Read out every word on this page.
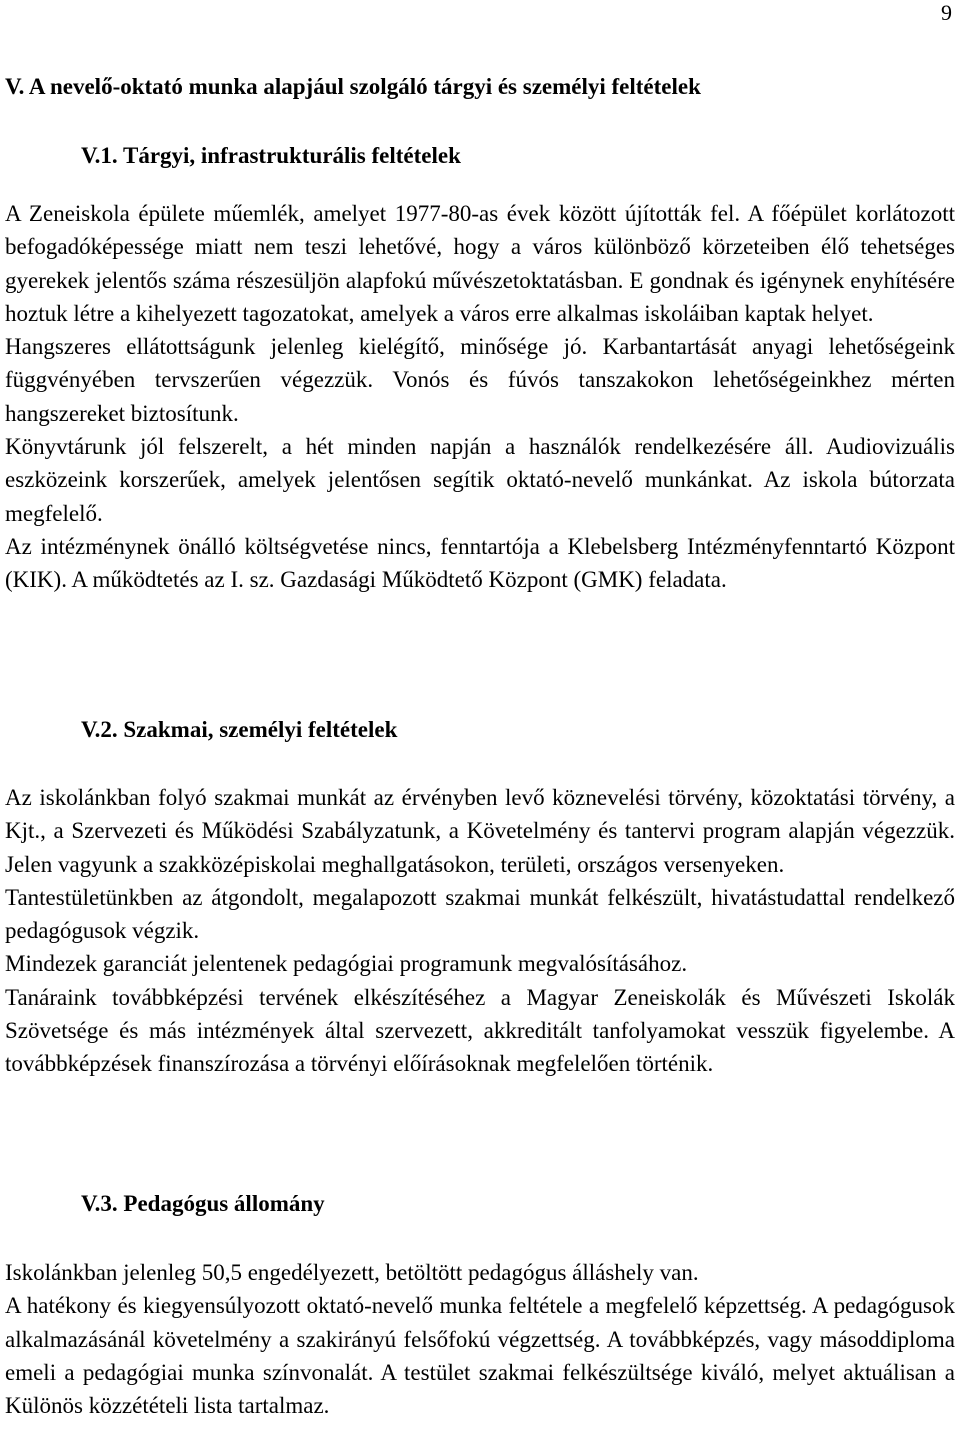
9
V. A nevelő-oktató munka alapjául szolgáló tárgyi és személyi feltételek
V.1. Tárgyi, infrastrukturális feltételek

A Zeneiskola épülete műemlék, amelyet 1977-80-as évek között újították fel. A főépület korlátozott befogadóképessége miatt nem teszi lehetővé, hogy a város különböző körzeteiben élő tehetséges gyerekek jelentős száma részesüljön alapfokú művészetoktatásban. E gondnak és igénynek enyhítésére hoztuk létre a kihelyezett tagozatokat, amelyek a város erre alkalmas iskoláiban kaptak helyet.

Hangszeres ellátottságunk jelenleg kielégítő, minősége jó. Karbantartását anyagi lehetőségeink függvényében tervszerűen végezzük. Vonós és fúvós tanszakokon lehetőségeinkhez mérten hangszereket biztosítunk.

Könyvtárunk jól felszerelt, a hét minden napján a használók rendelkezésére áll. Audiovizuális eszközeink korszerűek, amelyek jelentősen segítik oktató-nevelő munkánkat. Az iskola bútorzata megfelelő.

Az intézménynek önálló költségvetése nincs, fenntartója a Klebelsberg Intézményfenntartó Központ (KIK). A működtetés az I. sz. Gazdasági Működtető Központ (GMK) feladata.

V.2. Szakmai, személyi feltételek

Az iskolánkban folyó szakmai munkát az érvényben levő köznevelési törvény, közoktatási törvény, a Kjt., a Szervezeti és Működési Szabályzatunk, a Követelmény és tantervi program alapján végezzük. Jelen vagyunk a szakközépiskolai meghallgatásokon, területi, országos versenyeken.

Tantestületünkben az átgondolt, megalapozott szakmai munkát felkészült, hivatástudattal rendelkező pedagógusok végzik.

Mindezek garanciát jelentenek pedagógiai programunk megvalósításához.

Tanáraink továbbképzési tervének elkészítéséhez a Magyar Zeneiskolák és Művészeti Iskolák Szövetsége és más intézmények által szervezett, akkreditált tanfolyamokat vesszük figyelembe. A továbbképzések finanszírozása a törvényi előírásoknak megfelelően történik.

V.3. Pedagógus állomány

Iskolánkban jelenleg 50,5 engedélyezett, betöltött pedagógus álláshely van.

A hatékony és kiegyensúlyozott oktató-nevelő munka feltétele a megfelelő képzettség. A pedagógusok alkalmazásánál követelmény a szakirányú felsőfokú végzettség. A továbbképzés, vagy másoddiploma emeli a pedagógiai munka színvonalát. A testület szakmai felkészültsége kiváló, melyet aktuálisan a Különös közzétételi lista tartalmaz.
